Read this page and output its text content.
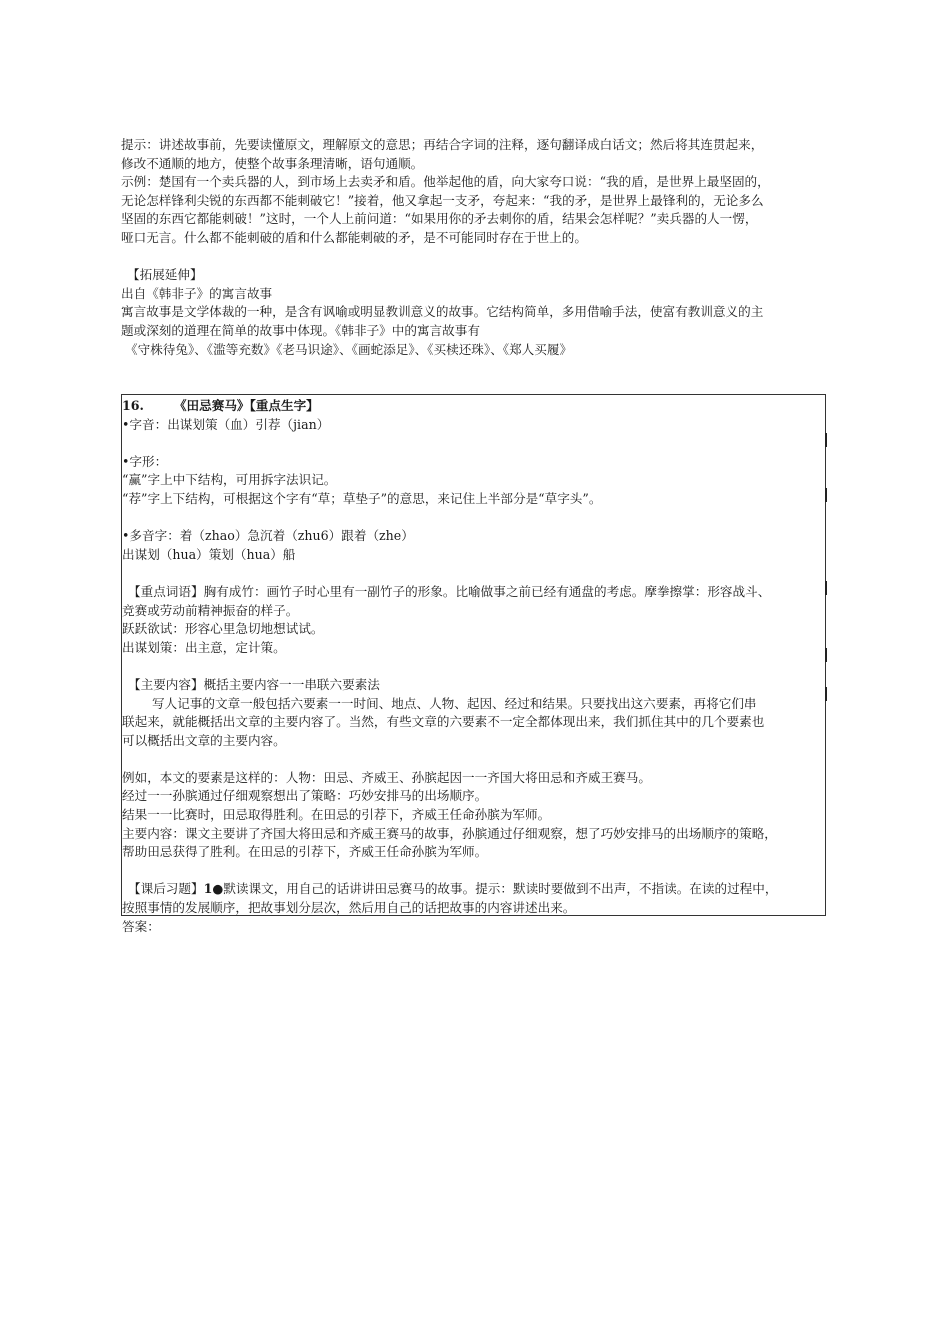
提示：讲述故事前，先要读懂原文，理解原文的意思；再结合字词的注释，逐句翻译成白话文；然后将其连贯起来，

修改不通顺的地方，使整个故事条理清晰，语句通顺。

示例：楚国有一个卖兵器的人，到市场上去卖矛和盾。他举起他的盾，向大家夸口说：“我的盾，是世界上最坚固的，

无论怎样锋利尖锐的东西都不能刺破它！”接着，他又拿起一支矛，夸起来：“我的矛，是世界上最锋利的，无论多么

坚固的东西它都能刺破！”这时，一个人上前问道：“如果用你的矛去刺你的盾，结果会怎样呢？”卖兵器的人一愣，

哑口无言。什么都不能刺破的盾和什么都能刺破的矛，是不可能同时存在于世上的。

【拓展延伸】

出自《韩非子》的寓言故事

寓言故事是文学体裁的一种，是含有讽喻或明显教训意义的故事。它结构简单，多用借喻手法，使富有教训意义的主

题或深刻的道理在简单的故事中体现。《韩非子》中的寓言故事有

《守株待兔》、《滥等充数》《老马识途》、《画蛇添足》、《买椟还珠》、《郑人买履》

16. 《田忌赛马》【重点生字】

•字音：出谋划策（血）引荐（jian）

•字形：

“赢”字上中下结构，可用拆字法识记。

“荐”字上下结构，可根据这个字有“草；草垫子”的意思，来记住上半部分是“草字头”。

•多音字：着（zhao）急沉着（zhu6）跟着（zhe）

出谋划（hua）策划（hua）船

【重点词语】胸有成竹：画竹子时心里有一副竹子的形象。比喻做事之前已经有通盘的考虑。摩拳擦掌：形容战斗、

竞赛或劳动前精神振奋的样子。

跃跃欲试：形容心里急切地想试试。

出谋划策：出主意，定计策。

【主要内容】概括主要内容一一串联六要素法

写人记事的文章一般包括六要素一一时间、地点、人物、起因、经过和结果。只要找出这六要素，再将它们串

联起来，就能概括出文章的主要内容了。当然，有些文章的六要素不一定全都体现出来，我们抓住其中的几个要素也

可以概括出文章的主要内容。

例如，本文的要素是这样的：人物：田忌、齐威王、孙膑起因一一齐国大将田忌和齐威王赛马。

经过一一孙膑通过仔细观察想出了策略：巧妙安排马的出场顺序。

结果一一比赛时，田忌取得胜利。在田忌的引荐下，齐威王任命孙膑为军师。

主要内容：课文主要讲了齐国大将田忌和齐威王赛马的故事，孙膑通过仔细观察，想了巧妙安排马的出场顺序的策略，

帮助田忌获得了胜利。在田忌的引荐下，齐威王任命孙膑为军师。

【课后习题】1●默读课文，用自己的话讲讲田忌赛马的故事。提示：默读时要做到不出声，不指读。在读的过程中，

按照事情的发展顺序，把故事划分层次，然后用自己的话把故事的内容讲述出来。

答案：
